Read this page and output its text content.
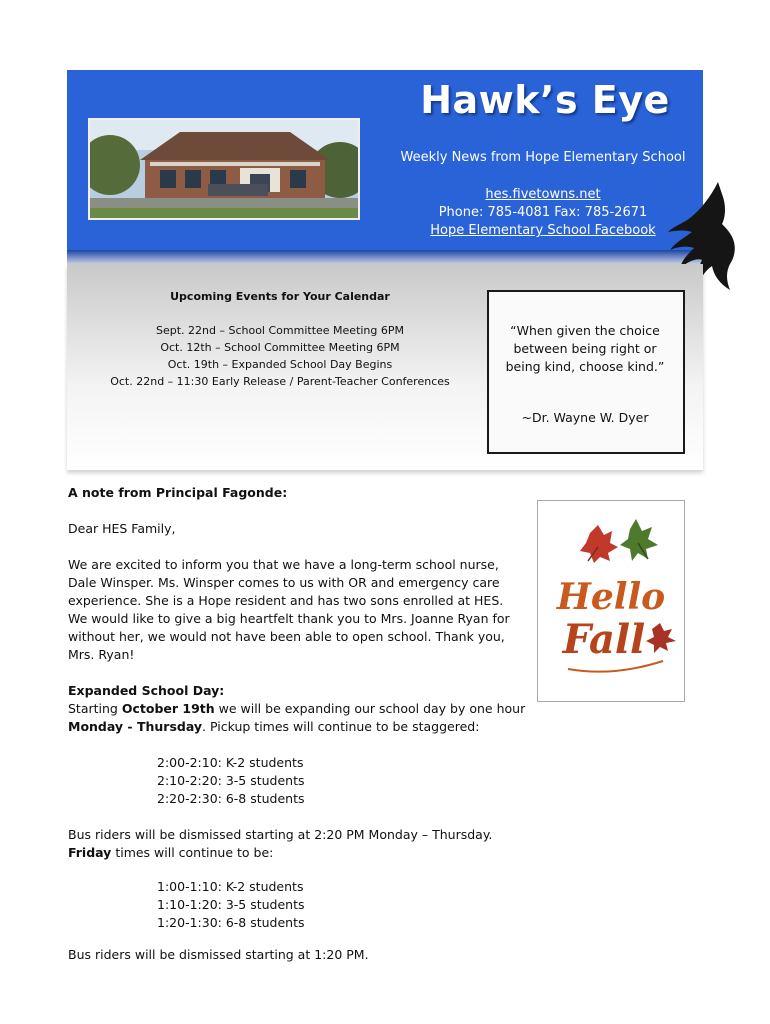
Hawk’s Eye
Weekly News from Hope Elementary School
hes.fivetowns.net
Phone: 785-4081 Fax: 785-2671
Hope Elementary School Facebook
Upcoming Events for Your Calendar
Sept. 22nd – School Committee Meeting 6PM
Oct. 12th – School Committee Meeting 6PM
Oct. 19th – Expanded School Day Begins
Oct. 22nd – 11:30 Early Release / Parent-Teacher Conferences
“When given the choice between being right or being kind, choose kind.”
~Dr. Wayne W. Dyer
A note from Principal Fagonde:
Dear HES Family,
We are excited to inform you that we have a long-term school nurse, Dale Winsper. Ms. Winsper comes to us with OR and emergency care experience. She is a Hope resident and has two sons enrolled at HES. We would like to give a big heartfelt thank you to Mrs. Joanne Ryan for without her, we would not have been able to open school. Thank you, Mrs. Ryan!
Expanded School Day:
Starting October 19th we will be expanding our school day by one hour Monday - Thursday. Pickup times will continue to be staggered:
2:00-2:10: K-2 students
2:10-2:20: 3-5 students
2:20-2:30: 6-8 students
Bus riders will be dismissed starting at 2:20 PM Monday – Thursday.
Friday times will continue to be:
1:00-1:10: K-2 students
1:10-1:20: 3-5 students
1:20-1:30: 6-8 students
Bus riders will be dismissed starting at 1:20 PM.
Hello
Fall
